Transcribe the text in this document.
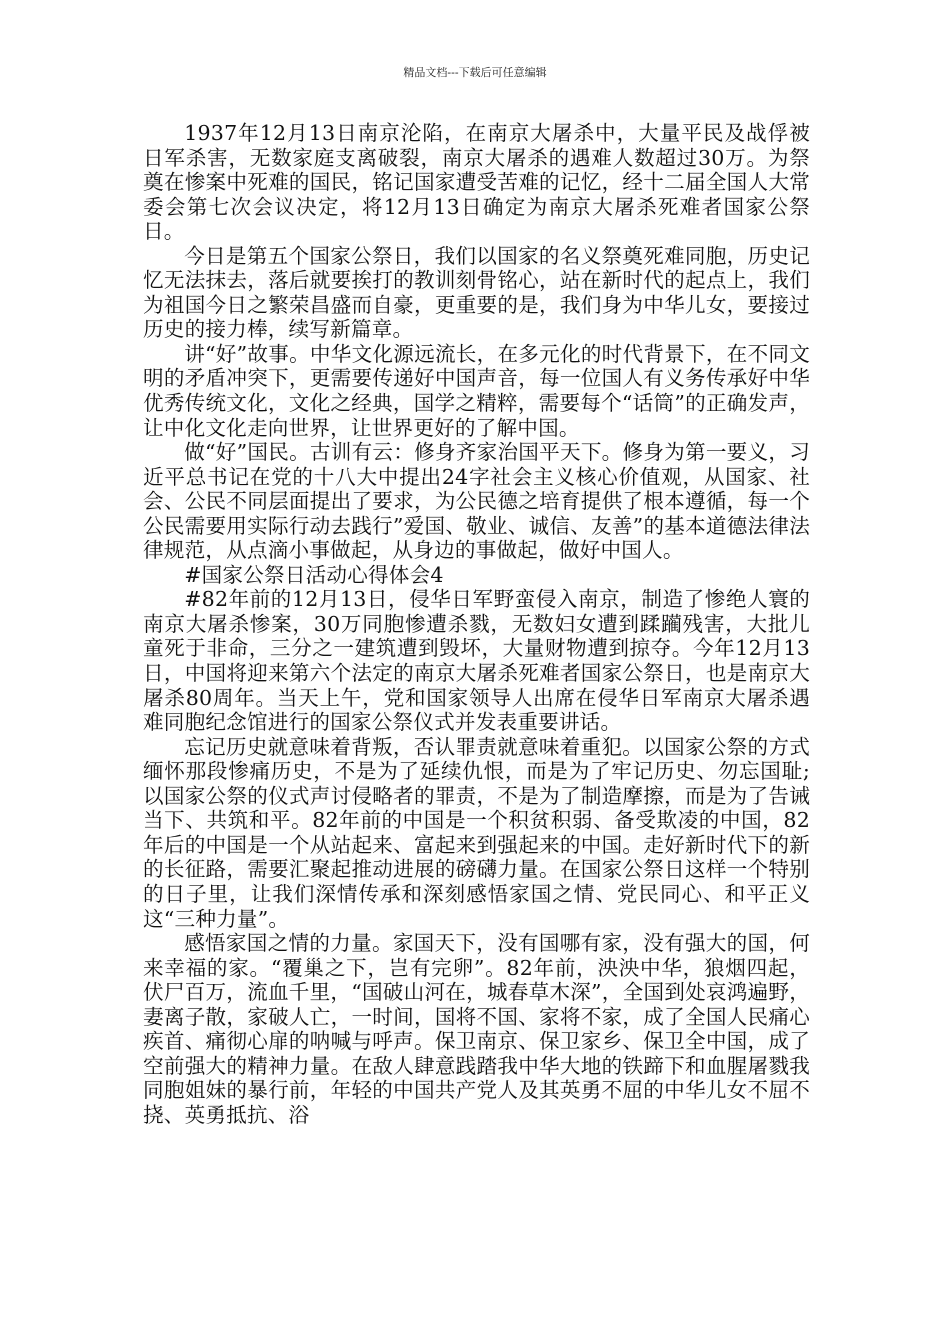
精品文档---下载后可任意编辑

1937年12月13日南京沦陷，在南京大屠杀中，大量平民及战俘被日军杀害，无数家庭支离破裂，南京大屠杀的遇难人数超过30万。为祭奠在惨案中死难的国民，铭记国家遭受苦难的记忆，经十二届全国人大常委会第七次会议决定，将12月13日确定为南京大屠杀死难者国家公祭日。

今日是第五个国家公祭日，我们以国家的名义祭奠死难同胞，历史记忆无法抹去，落后就要挨打的教训刻骨铭心，站在新时代的起点上，我们为祖国今日之繁荣昌盛而自豪，更重要的是，我们身为中华儿女，要接过历史的接力棒，续写新篇章。

讲“好”故事。中华文化源远流长，在多元化的时代背景下，在不同文明的矛盾冲突下，更需要传递好中国声音，每一位国人有义务传承好中华优秀传统文化，文化之经典，国学之精粹，需要每个“话筒”的正确发声，让中化文化走向世界，让世界更好的了解中国。

做“好”国民。古训有云：修身齐家治国平天下。修身为第一要义，习近平总书记在党的十八大中提出24字社会主义核心价值观，从国家、社会、公民不同层面提出了要求，为公民德之培育提供了根本遵循，每一个公民需要用实际行动去践行”爱国、敬业、诚信、友善”的基本道德法律法律规范，从点滴小事做起，从身边的事做起，做好中国人。

#国家公祭日活动心得体会4

#82年前的12月13日，侵华日军野蛮侵入南京，制造了惨绝人寰的南京大屠杀惨案，30万同胞惨遭杀戮，无数妇女遭到蹂躏残害，大批儿童死于非命，三分之一建筑遭到毁坏，大量财物遭到掠夺。今年12月13日，中国将迎来第六个法定的南京大屠杀死难者国家公祭日，也是南京大屠杀80周年。当天上午，党和国家领导人出席在侵华日军南京大屠杀遇难同胞纪念馆进行的国家公祭仪式并发表重要讲话。

忘记历史就意味着背叛，否认罪责就意味着重犯。以国家公祭的方式缅怀那段惨痛历史，不是为了延续仇恨，而是为了牢记历史、勿忘国耻;以国家公祭的仪式声讨侵略者的罪责，不是为了制造摩擦，而是为了告诫当下、共筑和平。82年前的中国是一个积贫积弱、备受欺凌的中国，82年后的中国是一个从站起来、富起来到强起来的中国。走好新时代下的新的长征路，需要汇聚起推动进展的磅礴力量。在国家公祭日这样一个特别的日子里，让我们深情传承和深刻感悟家国之情、党民同心、和平正义这“三种力量”。

感悟家国之情的力量。家国天下，没有国哪有家，没有强大的国，何来幸福的家。“覆巢之下，岂有完卵”。82年前，泱泱中华，狼烟四起，伏尸百万，流血千里，“国破山河在，城春草木深”，全国到处哀鸿遍野，妻离子散，家破人亡，一时间，国将不国、家将不家，成了全国人民痛心疾首、痛彻心扉的呐喊与呼声。保卫南京、保卫家乡、保卫全中国，成了空前强大的精神力量。在敌人肆意践踏我中华大地的铁蹄下和血腥屠戮我同胞姐妹的暴行前，年轻的中国共产党人及其英勇不屈的中华儿女不屈不挠、英勇抵抗、浴
